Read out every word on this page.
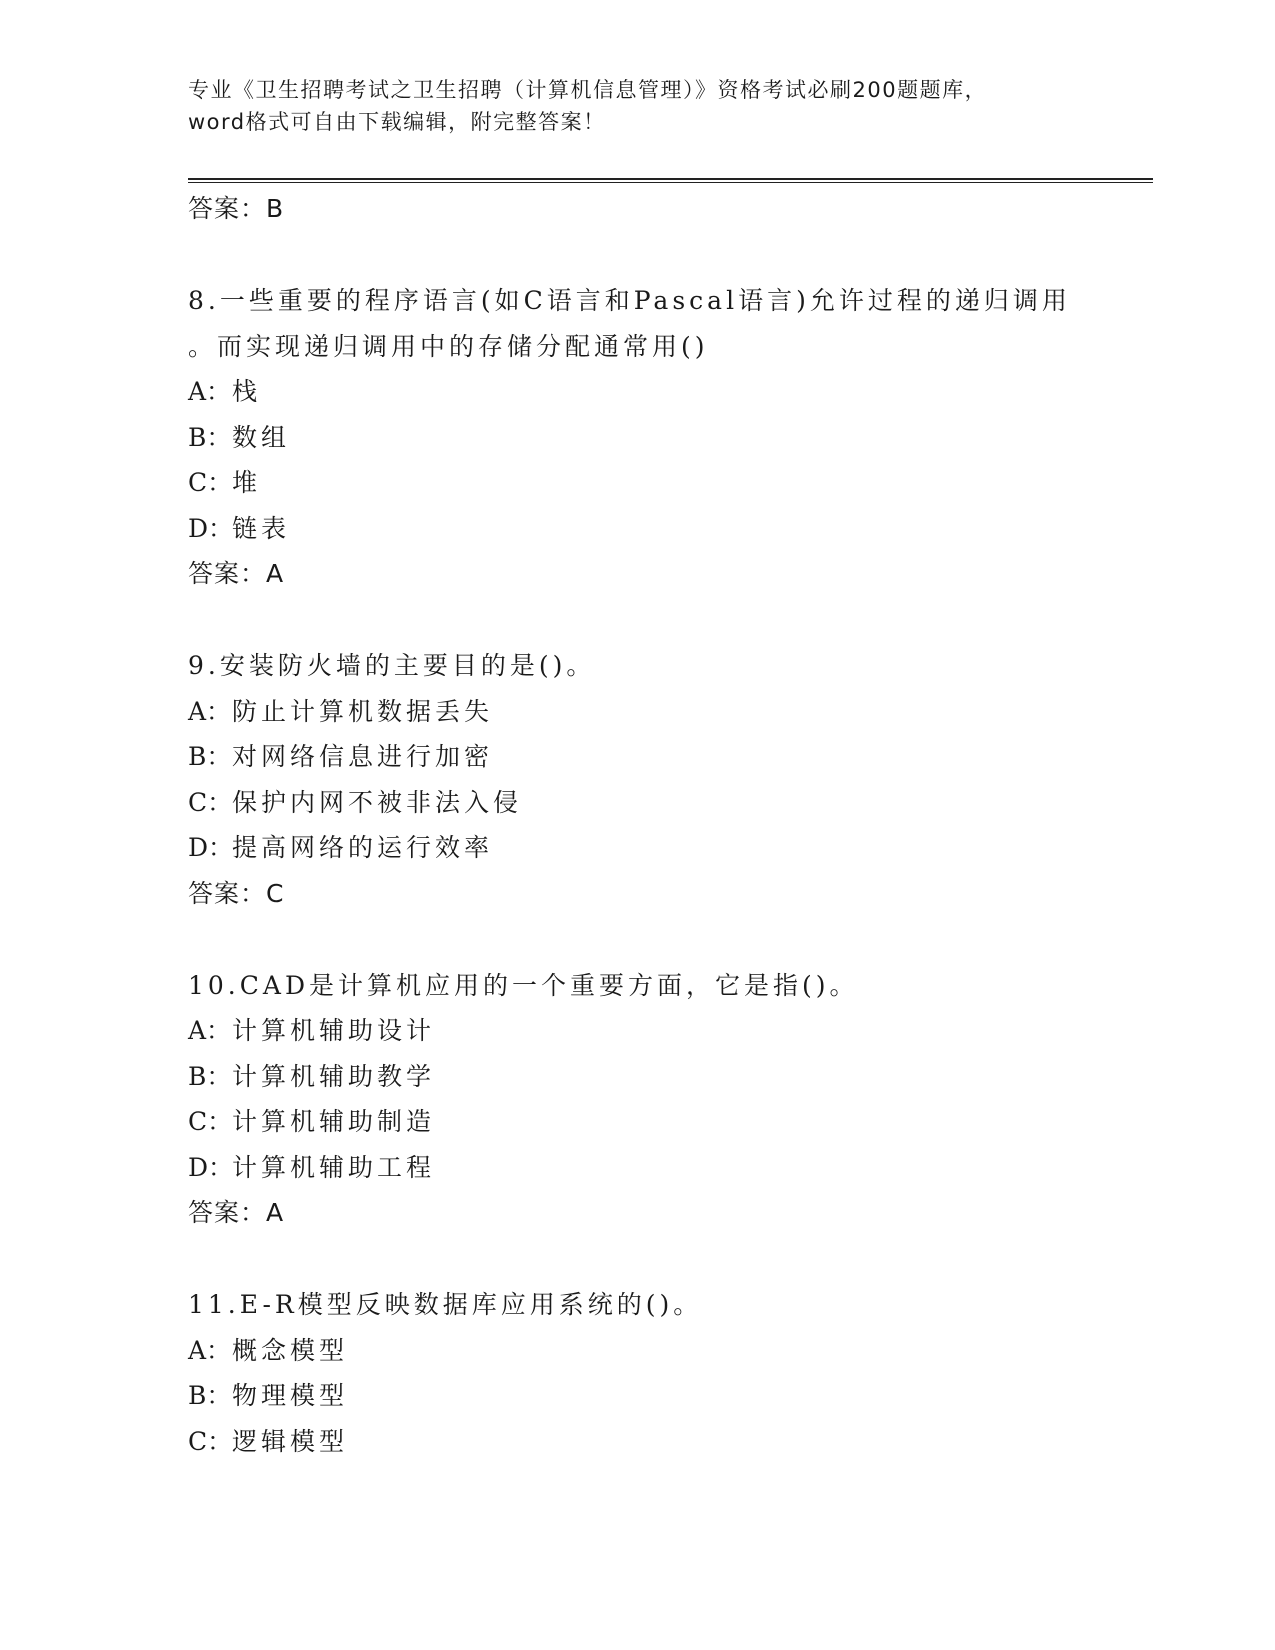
专业《卫生招聘考试之卫生招聘（计算机信息管理）》资格考试必刷200题题库，
word格式可自由下载编辑，附完整答案！
答案：B
8.一些重要的程序语言(如C语言和Pascal语言)允许过程的递归调用
。而实现递归调用中的存储分配通常用()
A：栈
B：数组
C：堆
D：链表
答案：A
9.安装防火墙的主要目的是()。
A：防止计算机数据丢失
B：对网络信息进行加密
C：保护内网不被非法入侵
D：提高网络的运行效率
答案：C
10.CAD是计算机应用的一个重要方面，它是指()。
A：计算机辅助设计
B：计算机辅助教学
C：计算机辅助制造
D：计算机辅助工程
答案：A
11.E-R模型反映数据库应用系统的()。
A：概念模型
B：物理模型
C：逻辑模型
